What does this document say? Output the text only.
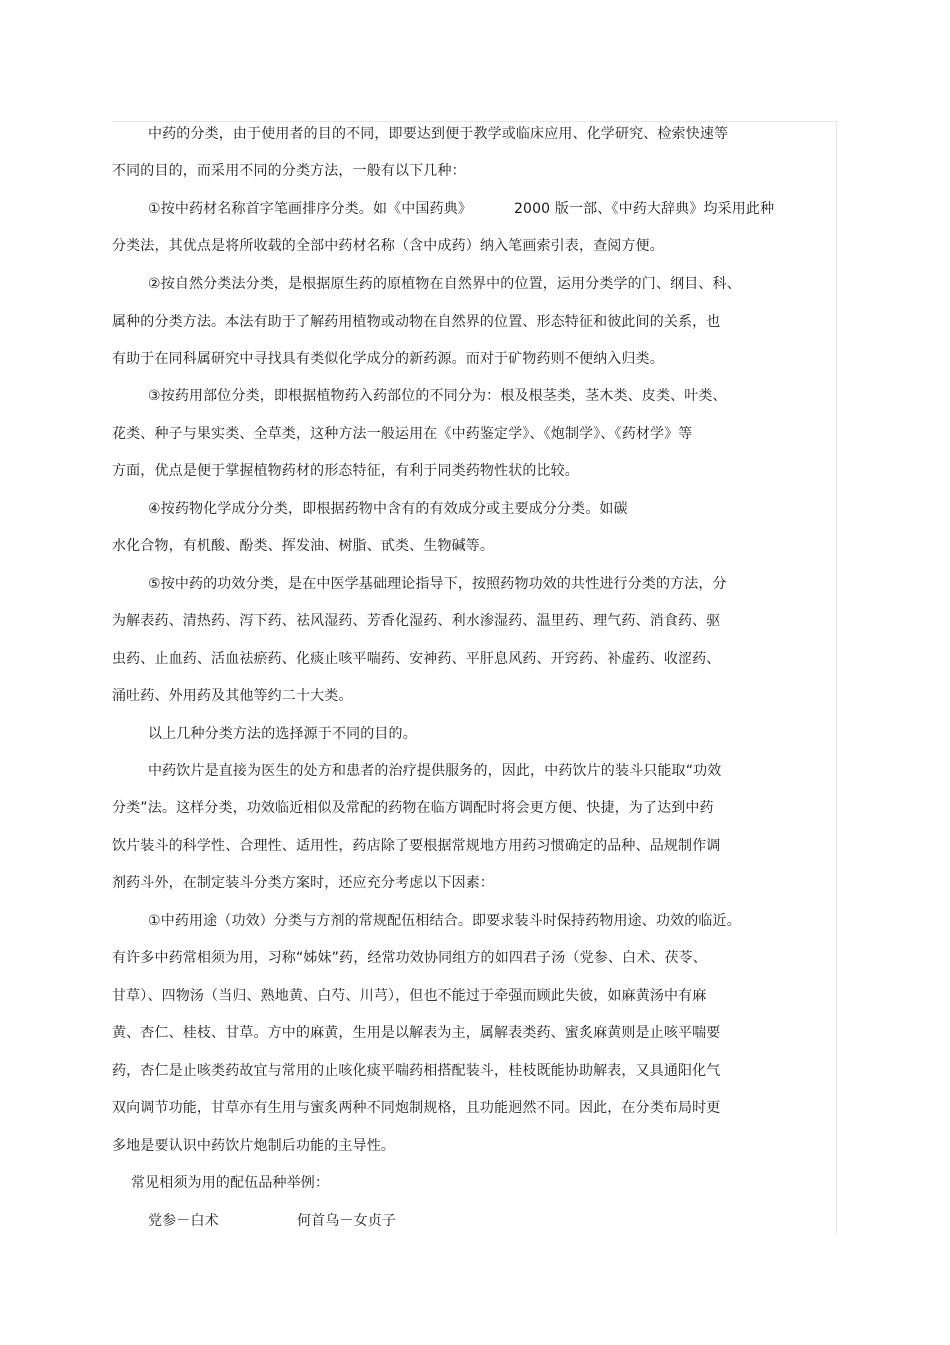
中药的分类，由于使用者的目的不同，即要达到便于教学或临床应用、化学研究、检索快速等
不同的目的，而采用不同的分类方法，一般有以下几种：
①按中药材名称首字笔画排序分类。如《中国药典》	2000 版一部、《中药大辞典》均采用此种
分类法，其优点是将所收载的全部中药材名称（含中成药）纳入笔画索引表，查阅方便。
②按自然分类法分类，是根据原生药的原植物在自然界中的位置，运用分类学的门、纲目、科、
属种的分类方法。本法有助于了解药用植物或动物在自然界的位置、形态特征和彼此间的关系，也
有助于在同科属研究中寻找具有类似化学成分的新药源。而对于矿物药则不便纳入归类。
③按药用部位分类，即根据植物药入药部位的不同分为：根及根茎类，茎木类、皮类、叶类、
花类、种子与果实类、全草类，这种方法一般运用在《中药鉴定学》、《炮制学》、《药材学》等
方面，优点是便于掌握植物药材的形态特征，有利于同类药物性状的比较。
④按药物化学成分分类，即根据药物中含有的有效成分或主要成分分类。如碳
水化合物，有机酸、酚类、挥发油、树脂、甙类、生物碱等。
⑤按中药的功效分类，是在中医学基础理论指导下，按照药物功效的共性进行分类的方法，分
为解表药、清热药、泻下药、祛风湿药、芳香化湿药、利水渗湿药、温里药、理气药、消食药、驱
虫药、止血药、活血祛瘀药、化痰止咳平喘药、安神药、平肝息风药、开窍药、补虚药、收涩药、
涌吐药、外用药及其他等约二十大类。
以上几种分类方法的选择源于不同的目的。
中药饮片是直接为医生的处方和患者的治疗提供服务的，因此，中药饮片的装斗只能取“功效
分类”法。这样分类，功效临近相似及常配的药物在临方调配时将会更方便、快捷，为了达到中药
饮片装斗的科学性、合理性、适用性，药店除了要根据常规地方用药习惯确定的品种、品规制作调
剂药斗外，在制定装斗分类方案时，还应充分考虑以下因素：
①中药用途（功效）分类与方剂的常规配伍相结合。即要求装斗时保持药物用途、功效的临近。
有许多中药常相须为用，习称“姊妹”药，经常功效协同组方的如四君子汤（党参、白术、茯苓、
甘草）、四物汤（当归、熟地黄、白芍、川芎），但也不能过于牵强而顾此失彼，如麻黄汤中有麻
黄、杏仁、桂枝、甘草。方中的麻黄，生用是以解表为主，属解表类药、蜜炙麻黄则是止咳平喘要
药，杏仁是止咳类药故宜与常用的止咳化痰平喘药相搭配装斗，桂枝既能协助解表，又具通阳化气
双向调节功能，甘草亦有生用与蜜炙两种不同炮制规格，且功能迥然不同。因此，在分类布局时更
多地是要认识中药饮片炮制后功能的主导性。
常见相须为用的配伍品种举例：
党参－白术	何首乌－女贞子
